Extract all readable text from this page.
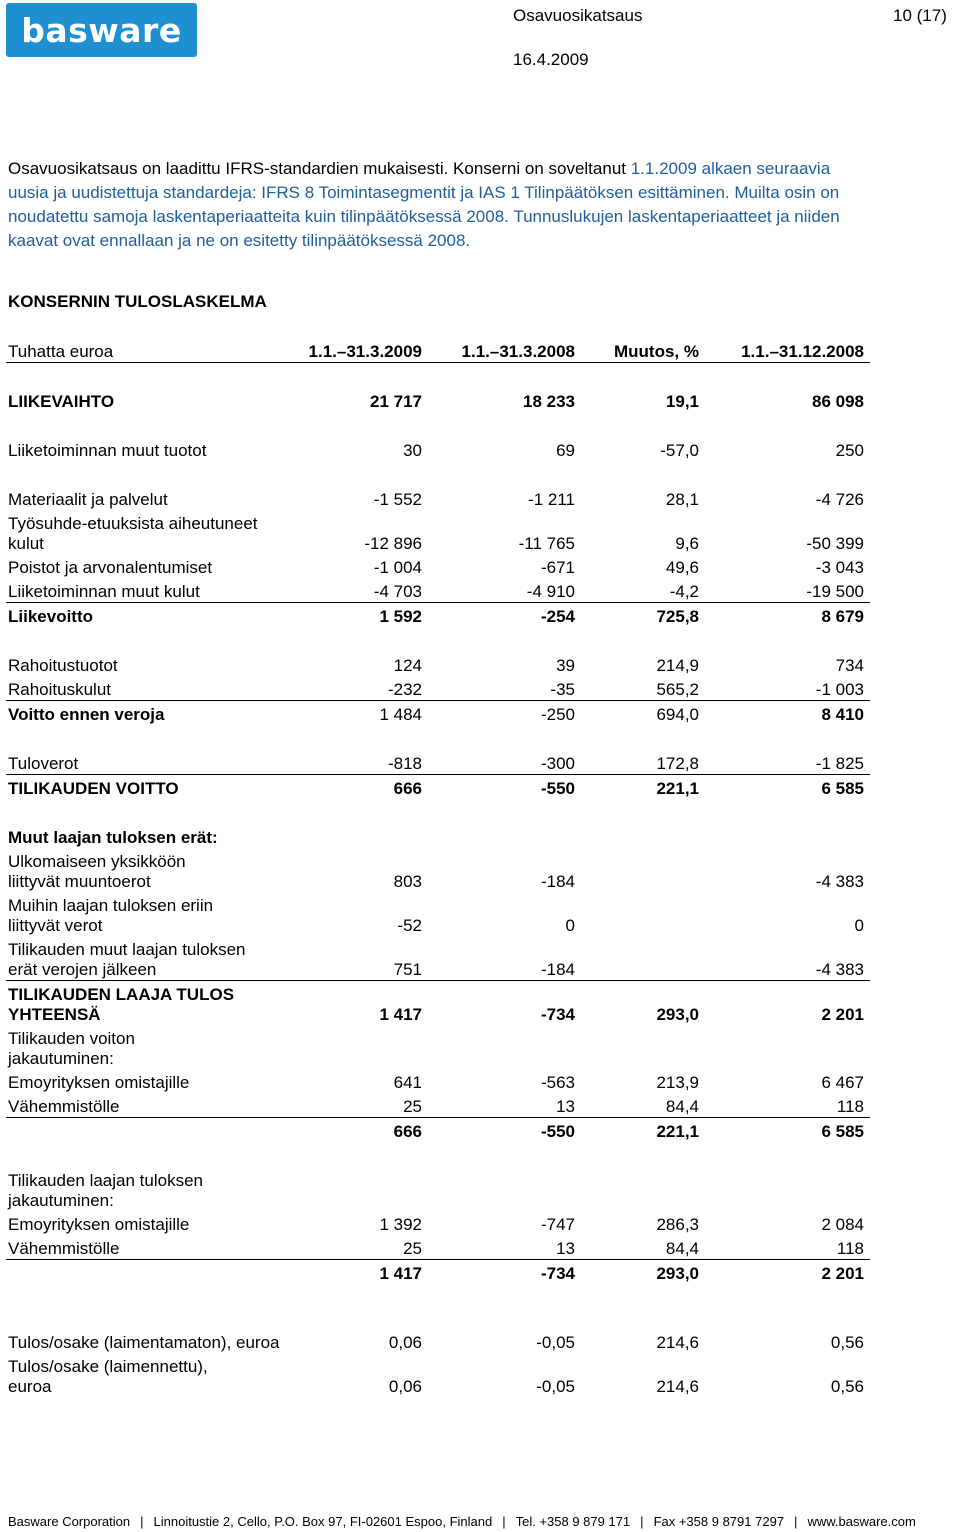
basware	Osavuosikatsaus	10 (17)
16.4.2009
Osavuosikatsaus on laadittu IFRS-standardien mukaisesti. Konserni on soveltanut 1.1.2009 alkaen seuraavia
uusia ja uudistettuja standardeja: IFRS 8 Toimintasegmentit ja IAS 1 Tilinpäätöksen esittäminen. Muilta osin on
noudatettu samoja laskentaperiaatteita kuin tilinpäätöksessä 2008. Tunnuslukujen laskentaperiaatteet ja niiden
kaavat ovat ennallaan ja ne on esitetty tilinpäätöksessä 2008.
KONSERNIN TULOSLASKELMA
Tuhatta euroa	1.1.–31.3.2009	1.1.–31.3.2008	Muutos, %	1.1.–31.12.2008

LIIKEVAIHTO	21 717	18 233	19,1	86 098

Liiketoiminnan muut tuotot	30	69	-57,0	250

Materiaalit ja palvelut	-1 552	-1 211	28,1	-4 726
Työsuhde-etuuksista aiheutuneet kulut	-12 896	-11 765	9,6	-50 399
Poistot ja arvonalentumiset	-1 004	-671	49,6	-3 043
Liiketoiminnan muut kulut	-4 703	-4 910	-4,2	-19 500
Liikevoitto	1 592	-254	725,8	8 679

Rahoitustuotot	124	39	214,9	734
Rahoituskulut	-232	-35	565,2	-1 003
Voitto ennen veroja	1 484	-250	694,0	8 410

Tuloverot	-818	-300	172,8	-1 825
TILIKAUDEN VOITTO	666	-550	221,1	6 585

Muut laajan tuloksen erät:				
Ulkomaiseen yksikköön liittyvät muuntoerot	803	-184		-4 383
Muihin laajan tuloksen eriin liittyvät verot	-52	0		0
Tilikauden muut laajan tuloksen erät verojen jälkeen	751	-184		-4 383
TILIKAUDEN LAAJA TULOS YHTEENSÄ	1 417	-734	293,0	2 201
Tilikauden voiton jakautuminen:				
Emoyrityksen omistajille	641	-563	213,9	6 467
Vähemmistölle	25	13	84,4	118
	666	-550	221,1	6 585

Tilikauden laajan tuloksen jakautuminen:				
Emoyrityksen omistajille	1 392	-747	286,3	2 084
Vähemmistölle	25	13	84,4	118
	1 417	-734	293,0	2 201

Tulos/osake (laimentamaton), euroa	0,06	-0,05	214,6	0,56
Tulos/osake (laimennettu), euroa	0,06	-0,05	214,6	0,56
Basware Corporation | Linnoitustie 2, Cello, P.O. Box 97, FI-02601 Espoo, Finland | Tel. +358 9 879 171 | Fax +358 9 8791 7297 | www.basware.com
